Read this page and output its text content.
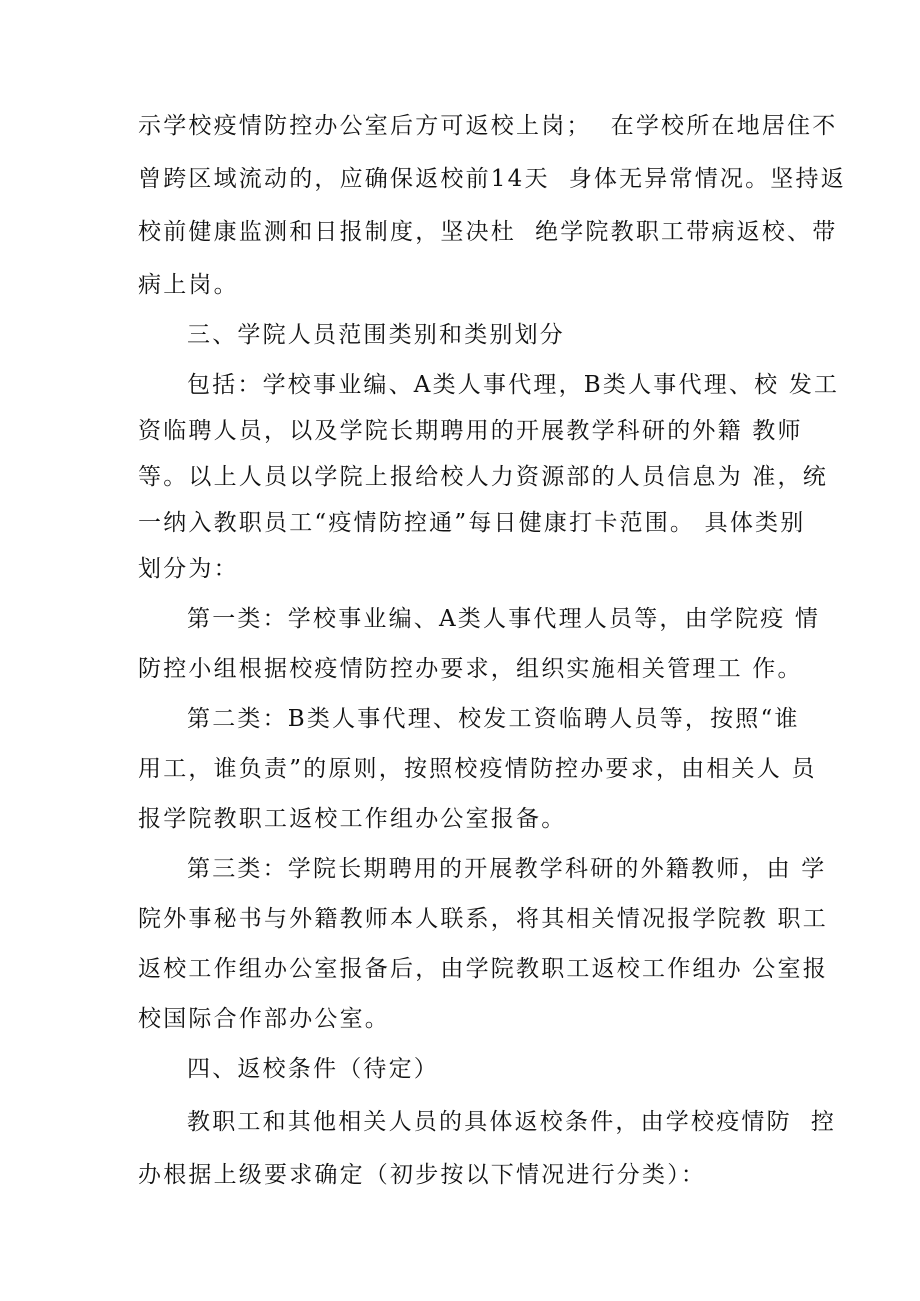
示学校疫情防控办公室后方可返校上岗；  在学校所在地居住不

曾跨区域流动的，应确保返校前14天  身体无异常情况。坚持返

校前健康监测和日报制度，坚决杜  绝学院教职工带病返校、带

病上岗。

三、学院人员范围类别和类别划分

包括：学校事业编、A类人事代理，B类人事代理、校 发工

资临聘人员，以及学院长期聘用的开展教学科研的外籍 教师

等。以上人员以学院上报给校人力资源部的人员信息为 准，统

一纳入教职员工“疫情防控通”每日健康打卡范围。 具体类别

划分为：

第一类：学校事业编、A类人事代理人员等，由学院疫 情

防控小组根据校疫情防控办要求，组织实施相关管理工 作。

第二类：B类人事代理、校发工资临聘人员等，按照“谁

用工，谁负责”的原则，按照校疫情防控办要求，由相关人 员

报学院教职工返校工作组办公室报备。

第三类：学院长期聘用的开展教学科研的外籍教师，由 学

院外事秘书与外籍教师本人联系，将其相关情况报学院教 职工

返校工作组办公室报备后，由学院教职工返校工作组办 公室报

校国际合作部办公室。

四、返校条件（待定）

教职工和其他相关人员的具体返校条件，由学校疫情防  控

办根据上级要求确定（初步按以下情况进行分类）：
